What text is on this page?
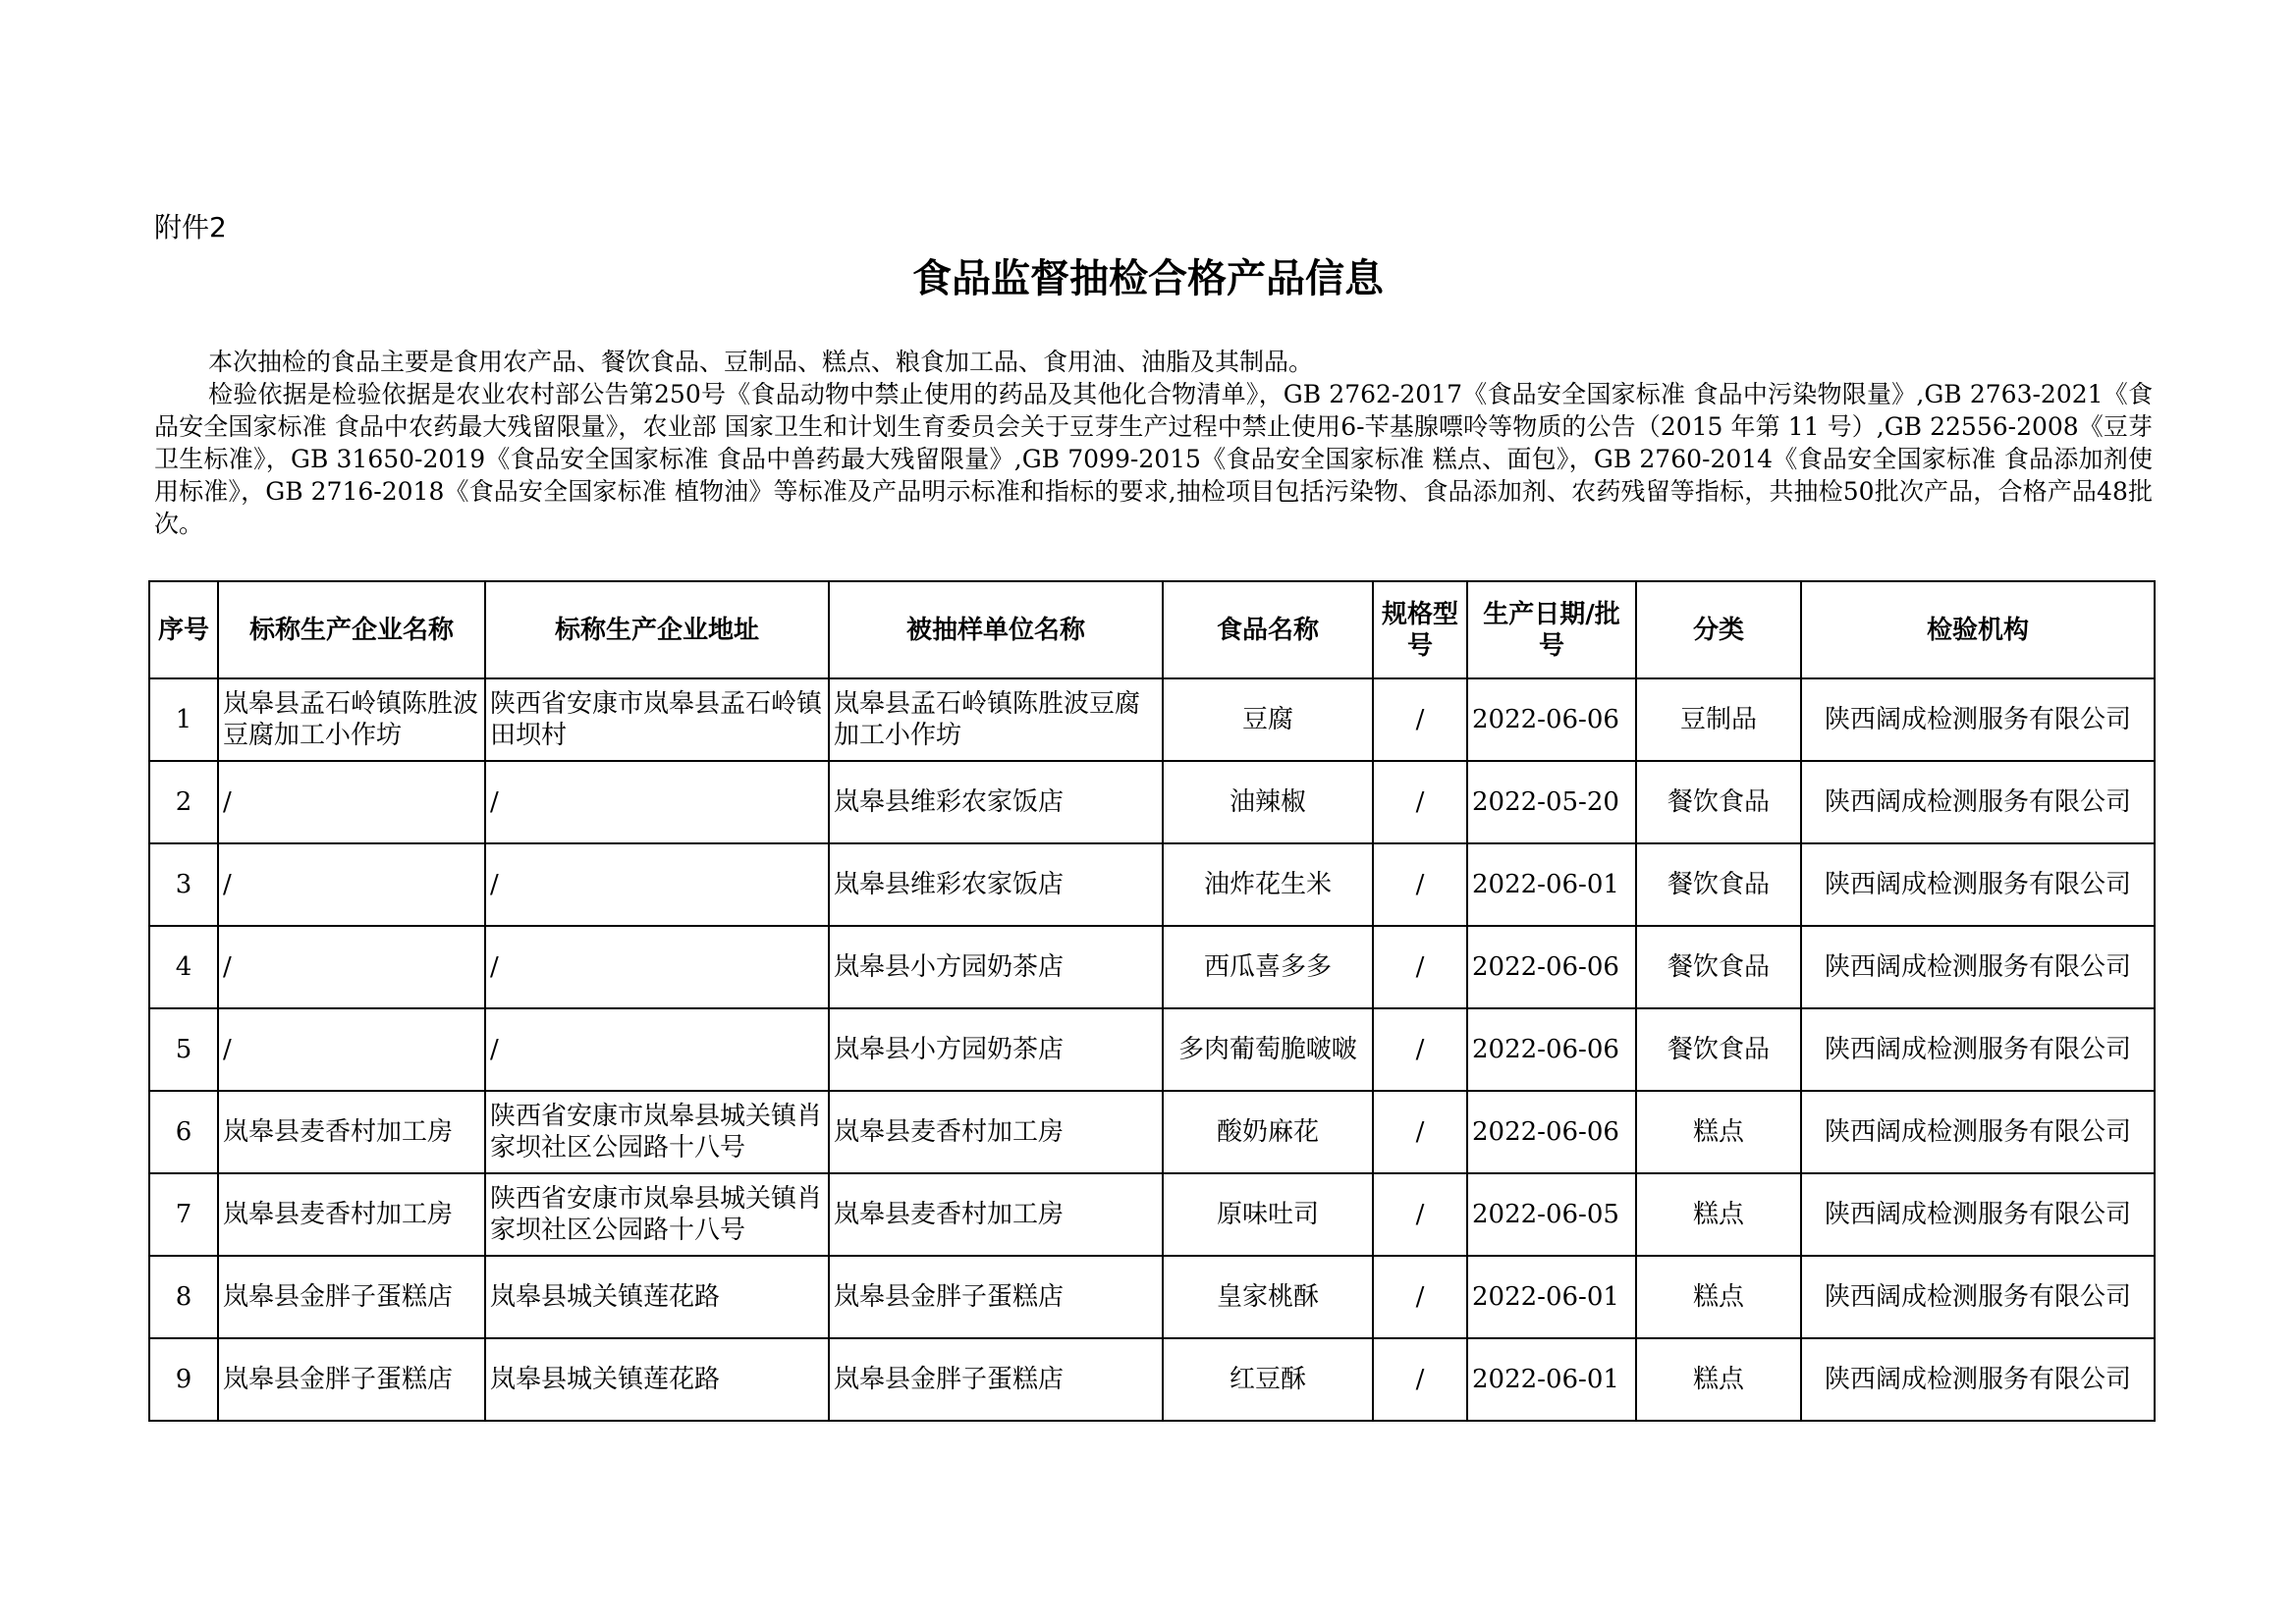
附件2
食品监督抽检合格产品信息

本次抽检的食品主要是食用农产品、餐饮食品、豆制品、糕点、粮食加工品、食用油、油脂及其制品。

检验依据是检验依据是农业农村部公告第250号《食品动物中禁止使用的药品及其他化合物清单》，GB 2762-2017《食品安全国家标准 食品中污染物限量》,GB 2763-2021《食品安全国家标准 食品中农药最大残留限量》，农业部 国家卫生和计划生育委员会关于豆芽生产过程中禁止使用6-苄基腺嘌呤等物质的公告（2015 年第 11 号）,GB 22556-2008《豆芽卫生标准》，GB 31650-2019《食品安全国家标准 食品中兽药最大残留限量》,GB 7099-2015《食品安全国家标准 糕点、面包》，GB 2760-2014《食品安全国家标准 食品添加剂使用标准》，GB 2716-2018《食品安全国家标准 植物油》等标准及产品明示标准和指标的要求,抽检项目包括污染物、食品添加剂、农药残留等指标，共抽检50批次产品，合格产品48批次。

序号	标称生产企业名称	标称生产企业地址	被抽样单位名称	食品名称	规格型号	生产日期/批号	分类	检验机构
1	岚皋县孟石岭镇陈胜波豆腐加工小作坊	陕西省安康市岚皋县孟石岭镇田坝村	岚皋县孟石岭镇陈胜波豆腐加工小作坊	豆腐	/	2022-06-06	豆制品	陕西阔成检测服务有限公司
2	/	/	岚皋县维彩农家饭店	油辣椒	/	2022-05-20	餐饮食品	陕西阔成检测服务有限公司
3	/	/	岚皋县维彩农家饭店	油炸花生米	/	2022-06-01	餐饮食品	陕西阔成检测服务有限公司
4	/	/	岚皋县小方园奶茶店	西瓜喜多多	/	2022-06-06	餐饮食品	陕西阔成检测服务有限公司
5	/	/	岚皋县小方园奶茶店	多肉葡萄脆啵啵	/	2022-06-06	餐饮食品	陕西阔成检测服务有限公司
6	岚皋县麦香村加工房	陕西省安康市岚皋县城关镇肖家坝社区公园路十八号	岚皋县麦香村加工房	酸奶麻花	/	2022-06-06	糕点	陕西阔成检测服务有限公司
7	岚皋县麦香村加工房	陕西省安康市岚皋县城关镇肖家坝社区公园路十八号	岚皋县麦香村加工房	原味吐司	/	2022-06-05	糕点	陕西阔成检测服务有限公司
8	岚皋县金胖子蛋糕店	岚皋县城关镇莲花路	岚皋县金胖子蛋糕店	皇家桃酥	/	2022-06-01	糕点	陕西阔成检测服务有限公司
9	岚皋县金胖子蛋糕店	岚皋县城关镇莲花路	岚皋县金胖子蛋糕店	红豆酥	/	2022-06-01	糕点	陕西阔成检测服务有限公司
